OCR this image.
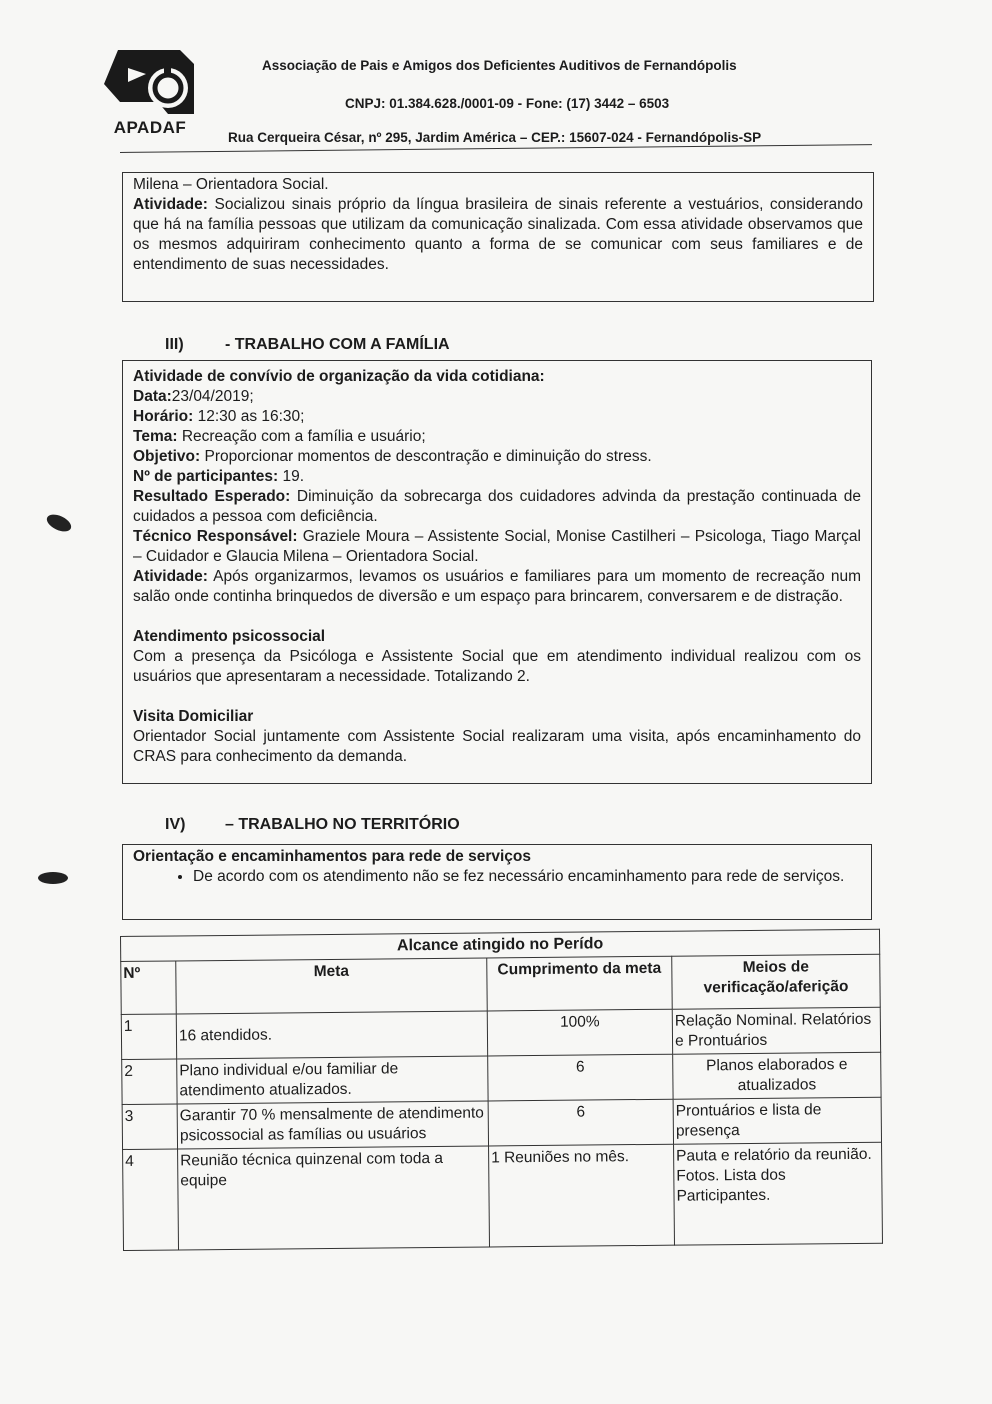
APADAF
Associação de Pais e Amigos dos Deficientes Auditivos de Fernandópolis
CNPJ: 01.384.628./0001-09 - Fone: (17) 3442 – 6503
Rua Cerqueira César, nº 295, Jardim América – CEP.: 15607-024 - Fernandópolis-SP

Milena – Orientadora Social.

Atividade: Socializou sinais próprio da língua brasileira de sinais referente a vestuários, considerando que há na família pessoas que utilizam da comunicação sinalizada. Com essa atividade observamos que os mesmos adquiriram conhecimento quanto a forma de se comunicar com seus familiares e de entendimento de suas necessidades.

III)	- TRABALHO COM A FAMÍLIA

Atividade de convívio de organização da vida cotidiana:

Data:23/04/2019;

Horário: 12:30 as 16:30;

Tema: Recreação com a família e usuário;

Objetivo: Proporcionar momentos de descontração e diminuição do stress.

Nº de participantes: 19.

Resultado Esperado: Diminuição da sobrecarga dos cuidadores advinda da prestação continuada de cuidados a pessoa com deficiência.

Técnico Responsável: Graziele Moura – Assistente Social, Monise Castilheri – Psicologa, Tiago Marçal – Cuidador e Glaucia Milena – Orientadora Social.

Atividade: Após organizarmos, levamos os usuários e familiares para um momento de recreação num salão onde continha brinquedos de diversão e um espaço para brincarem, conversarem e de distração.

Atendimento psicossocial

Com a presença da Psicóloga e Assistente Social que em atendimento individual realizou com os usuários que apresentaram a necessidade. Totalizando 2.

Visita Domiciliar

Orientador Social juntamente com Assistente Social realizaram uma visita, após encaminhamento do CRAS para conhecimento da demanda.

IV) – TRABALHO NO TERRITÓRIO

Orientação e encaminhamentos para rede de serviços

• De acordo com os atendimento não se fez necessário encaminhamento para rede de serviços.
Alcance atingido no Perído			
Nº	Meta	Cumprimento da meta	Meios de verificação/aferição
1	16 atendidos.	100%	Relação Nominal. Relatórios e Prontuários
2	Plano individual e/ou familiar de atendimento atualizados.	6	Planos elaborados e atualizados
3	Garantir 70 % mensalmente de atendimento psicossocial as famílias ou usuários	6	Prontuários e lista de presença
4	Reunião técnica quinzenal com toda a equipe	1 Reuniões no mês.	Pauta e relatório da reunião. Fotos. Lista dos Participantes.
